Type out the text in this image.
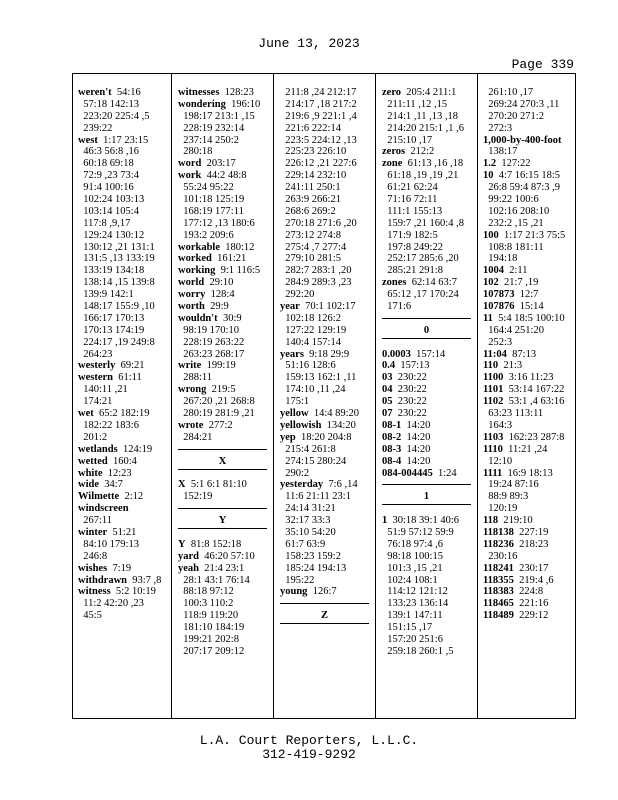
June 13, 2023
Page 339
weren't  54:16
57:18 142:13
223:20 225:4 ,5
239:22
west  1:17 23:15
46:3 56:8 ,16
60:18 69:18
72:9 ,23 73:4
91:4 100:16
102:24 103:13
103:14 105:4
117:8 ,9,17
129:24 130:12
130:12 ,21 131:1
131:5 ,13 133:19
133:19 134:18
138:14 ,15 139:8
139:9 142:1
148:17 155:9 ,10
166:17 170:13
170:13 174:19
224:17 ,19 249:8
264:23
westerly  69:21
western  61:11
140:11 ,21
174:21
wet  65:2 182:19
182:22 183:6
201:2
wetlands  124:19
wetted  160:4
white  12:23
wide  34:7
Wilmette  2:12
windscreen
267:11
winter  51:21
84:10 179:13
246:8
wishes  7:19
withdrawn  93:7 ,8
witness  5:2 10:19
11:2 42:20 ,23
45:5
witnesses  128:23
wondering  196:10
198:17 213:1 ,15
228:19 232:14
237:14 250:2
280:18
word  203:17
work  44:2 48:8
55:24 95:22
101:18 125:19
168:19 177:11
177:12 ,13 180:6
193:2 209:6
workable  180:12
worked  161:21
working  9:1 116:5
world  29:10
worry  128:4
worth  29:9
wouldn't  30:9
98:19 170:10
228:19 263:22
263:23 268:17
write  199:19
288:11
wrong  219:5
267:20 ,21 268:8
280:19 281:9 ,21
wrote  277:2
284:21
X
X  5:1 6:1 81:10
152:19
Y
Y  81:8 152:18
yard  46:20 57:10
yeah  21:4 23:1
28:1 43:1 76:14
88:18 97:12
100:3 110:2
118:9 119:20
181:10 184:19
199:21 202:8
207:17 209:12
211:8 ,24 212:17
214:17 ,18 217:2
219:6 ,9 221:1 ,4
221:6 222:14
223:5 224:12 ,13
225:23 226:10
226:12 ,21 227:6
229:14 232:10
241:11 250:1
263:9 266:21
268:6 269:2
270:18 271:6 ,20
273:12 274:8
275:4 ,7 277:4
279:10 281:5
282:7 283:1 ,20
284:9 289:3 ,23
292:20
year  70:1 102:17
102:18 126:2
127:22 129:19
140:4 157:14
years  9:18 29:9
51:16 128:6
159:13 162:1 ,11
174:10 ,11 ,24
175:1
yellow  14:4 89:20
yellowish  134:20
yep  18:20 204:8
215:4 261:8
274:15 280:24
290:2
yesterday  7:6 ,14
11:6 21:11 23:1
24:14 31:21
32:17 33:3
35:10 54:20
61:7 63:9
158:23 159:2
185:24 194:13
195:22
young  126:7
Z
zero  205:4 211:1
211:11 ,12 ,15
214:1 ,11 ,13 ,18
214:20 215:1 ,1 ,6
215:10 ,17
zeros  212:2
zone  61:13 ,16 ,18
61:18 ,19 ,19 ,21
61:21 62:24
71:16 72:11
111:1 155:13
159:7 ,21 160:4 ,8
171:9 182:5
197:8 249:22
252:17 285:6 ,20
285:21 291:8
zones  62:14 63:7
65:12 ,17 170:24
171:6
0
0.0003  157:14
0.4  157:13
03  230:22
04  230:22
05  230:22
07  230:22
08-1  14:20
08-2  14:20
08-3  14:20
08-4  14:20
084-004445  1:24
1
1  30:18 39:1 40:6
51:9 57:12 59:9
76:18 97:4 ,6
98:18 100:15
101:3 ,15 ,21
102:4 108:1
114:12 121:12
133:23 136:14
139:1 147:11
151:15 ,17
157:20 251:6
259:18 260:1 ,5
261:10 ,17
269:24 270:3 ,11
270:20 271:2
272:3
1,000-by-400-foot
138:17
1.2  127:22
10  4:7 16:15 18:5
26:8 59:4 87:3 ,9
99:22 100:6
102:16 208:10
232:2 ,15 ,21
100  1:17 21:3 75:5
108:8 181:11
194:18
1004  2:11
102  21:7 ,19
107873  12:7
107876  15:14
11  5:4 18:5 100:10
164:4 251:20
252:3
11:04  87:13
110  21:3
1100  3:16 11:23
1101  53:14 167:22
1102  53:1 ,4 63:16
63:23 113:11
164:3
1103  162:23 287:8
1110  11:21 ,24
12:10
1111  16:9 18:13
19:24 87:16
88:9 89:3
120:19
118  219:10
118138  227:19
118236  218:23
230:16
118241  230:17
118355  219:4 ,6
118383  224:8
118465  221:16
118489  229:12
L.A. Court Reporters, L.L.C.
312-419-9292
